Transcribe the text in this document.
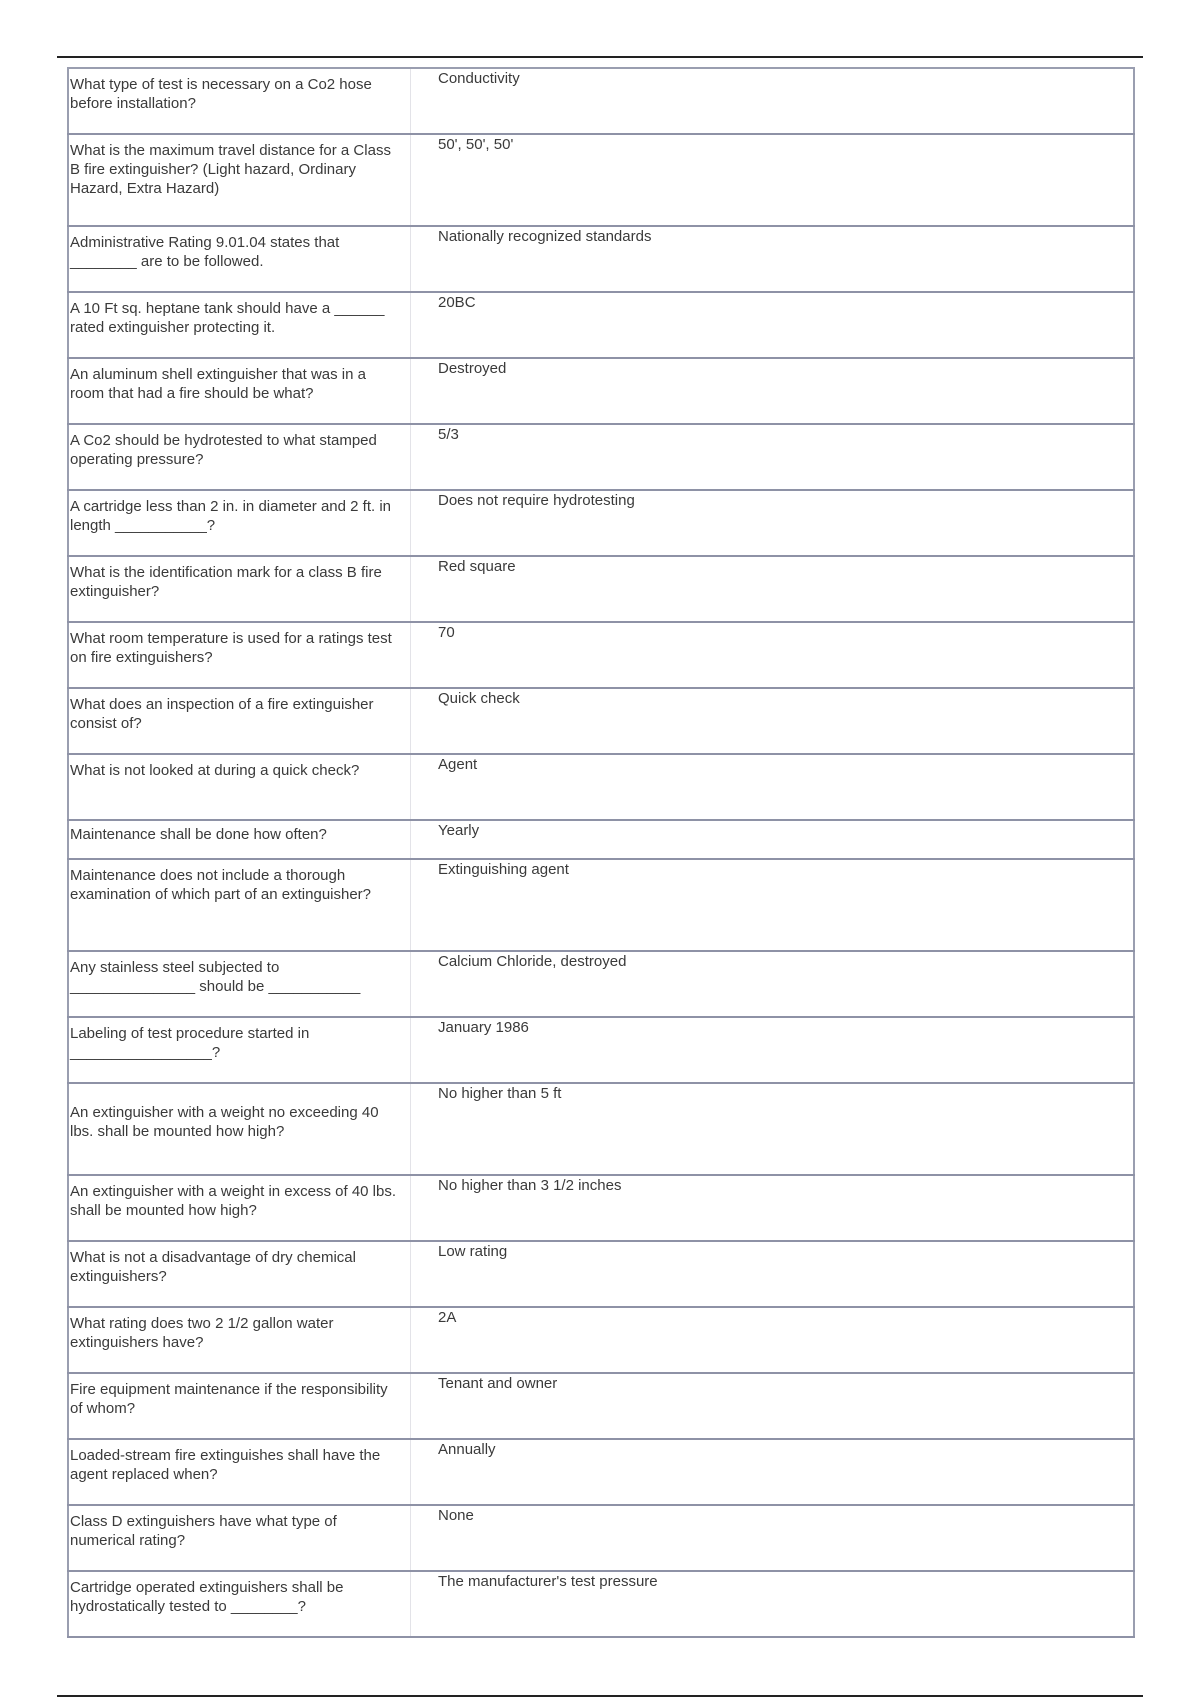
What type of test is necessary on a Co2 hose before installation?	Conductivity

What is the maximum travel distance for a Class B fire extinguisher? (Light hazard, Ordinary Hazard, Extra Hazard)	50', 50', 50'

Administrative Rating 9.01.04 states that ________ are to be followed.	Nationally recognized standards

A 10 Ft sq. heptane tank should have a ______ rated extinguisher protecting it.	20BC

An aluminum shell extinguisher that was in a room that had a fire should be what?	Destroyed

A Co2 should be hydrotested to what stamped operating pressure?	5/3

A cartridge less than 2 in. in diameter and 2 ft. in length ___________?	Does not require hydrotesting

What is the identification mark for a class B fire extinguisher?	Red square

What room temperature is used for a ratings test on fire extinguishers?	70

What does an inspection of a fire extinguisher consist of?	Quick check

What is not looked at during a quick check?	Agent

Maintenance shall be done how often?	Yearly

Maintenance does not include a thorough examination of which part of an extinguisher?	Extinguishing agent

Any stainless steel subjected to _______________ should be ___________	Calcium Chloride, destroyed

Labeling of test procedure started in _________________?	January 1986

An extinguisher with a weight no exceeding 40 lbs. shall be mounted how high?	No higher than 5 ft

An extinguisher with a weight in excess of 40 lbs. shall be mounted how high?	No higher than 3 1/2 inches

What is not a disadvantage of dry chemical extinguishers?	Low rating

What rating does two 2 1/2 gallon water extinguishers have?	2A

Fire equipment maintenance if the responsibility of whom?	Tenant and owner

Loaded-stream fire extinguishes shall have the agent replaced when?	Annually

Class D extinguishers have what type of numerical rating?	None

Cartridge operated extinguishers shall be hydrostatically tested to ________?	The manufacturer's test pressure
